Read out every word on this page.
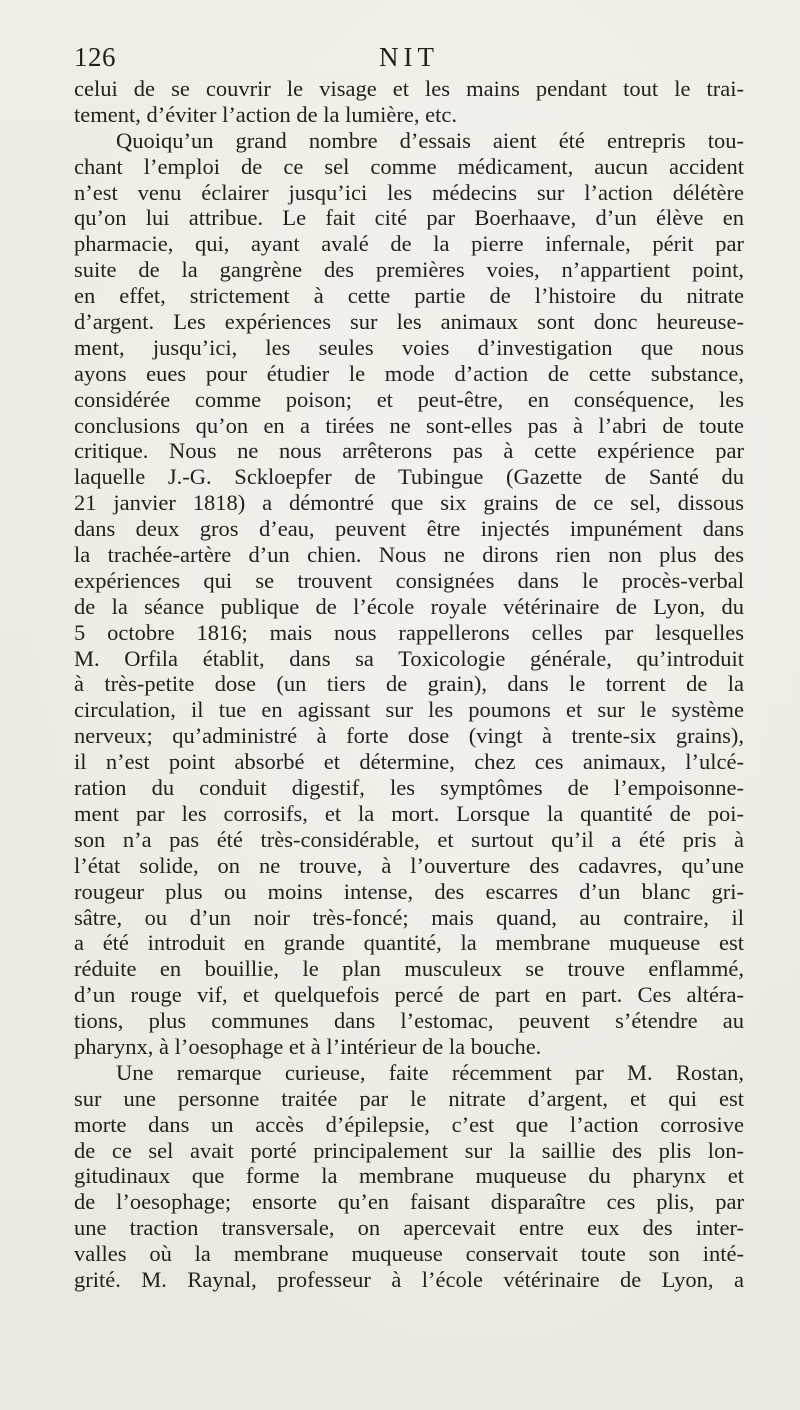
126	NIT
celui de se couvrir le visage et les mains pendant tout le trai-
tement, d’éviter l’action de la lumière, etc.
Quoiqu’un grand nombre d’essais aient été entrepris tou-
chant l’emploi de ce sel comme médicament, aucun accident
n’est venu éclairer jusqu’ici les médecins sur l’action délétère
qu’on lui attribue. Le fait cité par Boerhaave, d’un élève en
pharmacie, qui, ayant avalé de la pierre infernale, périt par
suite de la gangrène des premières voies, n’appartient point,
en effet, strictement à cette partie de l’histoire du nitrate
d’argent. Les expériences sur les animaux sont donc heureuse-
ment, jusqu’ici, les seules voies d’investigation que nous
ayons eues pour étudier le mode d’action de cette substance,
considérée comme poison; et peut-être, en conséquence, les
conclusions qu’on en a tirées ne sont-elles pas à l’abri de toute
critique. Nous ne nous arrêterons pas à cette expérience par
laquelle J.-G. Sckloepfer de Tubingue (Gazette de Santé du
21 janvier 1818) a démontré que six grains de ce sel, dissous
dans deux gros d’eau, peuvent être injectés impunément dans
la trachée-artère d’un chien. Nous ne dirons rien non plus des
expériences qui se trouvent consignées dans le procès-verbal
de la séance publique de l’école royale vétérinaire de Lyon, du
5 octobre 1816; mais nous rappellerons celles par lesquelles
M. Orfila établit, dans sa Toxicologie générale, qu’introduit
à très-petite dose (un tiers de grain), dans le torrent de la
circulation, il tue en agissant sur les poumons et sur le système
nerveux; qu’administré à forte dose (vingt à trente-six grains),
il n’est point absorbé et détermine, chez ces animaux, l’ulcé-
ration du conduit digestif, les symptômes de l’empoisonne-
ment par les corrosifs, et la mort. Lorsque la quantité de poi-
son n’a pas été très-considérable, et surtout qu’il a été pris à
l’état solide, on ne trouve, à l’ouverture des cadavres, qu’une
rougeur plus ou moins intense, des escarres d’un blanc gri-
sâtre, ou d’un noir très-foncé; mais quand, au contraire, il
a été introduit en grande quantité, la membrane muqueuse est
réduite en bouillie, le plan musculeux se trouve enflammé,
d’un rouge vif, et quelquefois percé de part en part. Ces altéra-
tions, plus communes dans l’estomac, peuvent s’étendre au
pharynx, à l’oesophage et à l’intérieur de la bouche.
Une remarque curieuse, faite récemment par M. Rostan,
sur une personne traitée par le nitrate d’argent, et qui est
morte dans un accès d’épilepsie, c’est que l’action corrosive
de ce sel avait porté principalement sur la saillie des plis lon-
gitudinaux que forme la membrane muqueuse du pharynx et
de l’oesophage; ensorte qu’en faisant disparaître ces plis, par
une traction transversale, on apercevait entre eux des inter-
valles où la membrane muqueuse conservait toute son inté-
grité. M. Raynal, professeur à l’école vétérinaire de Lyon, a
